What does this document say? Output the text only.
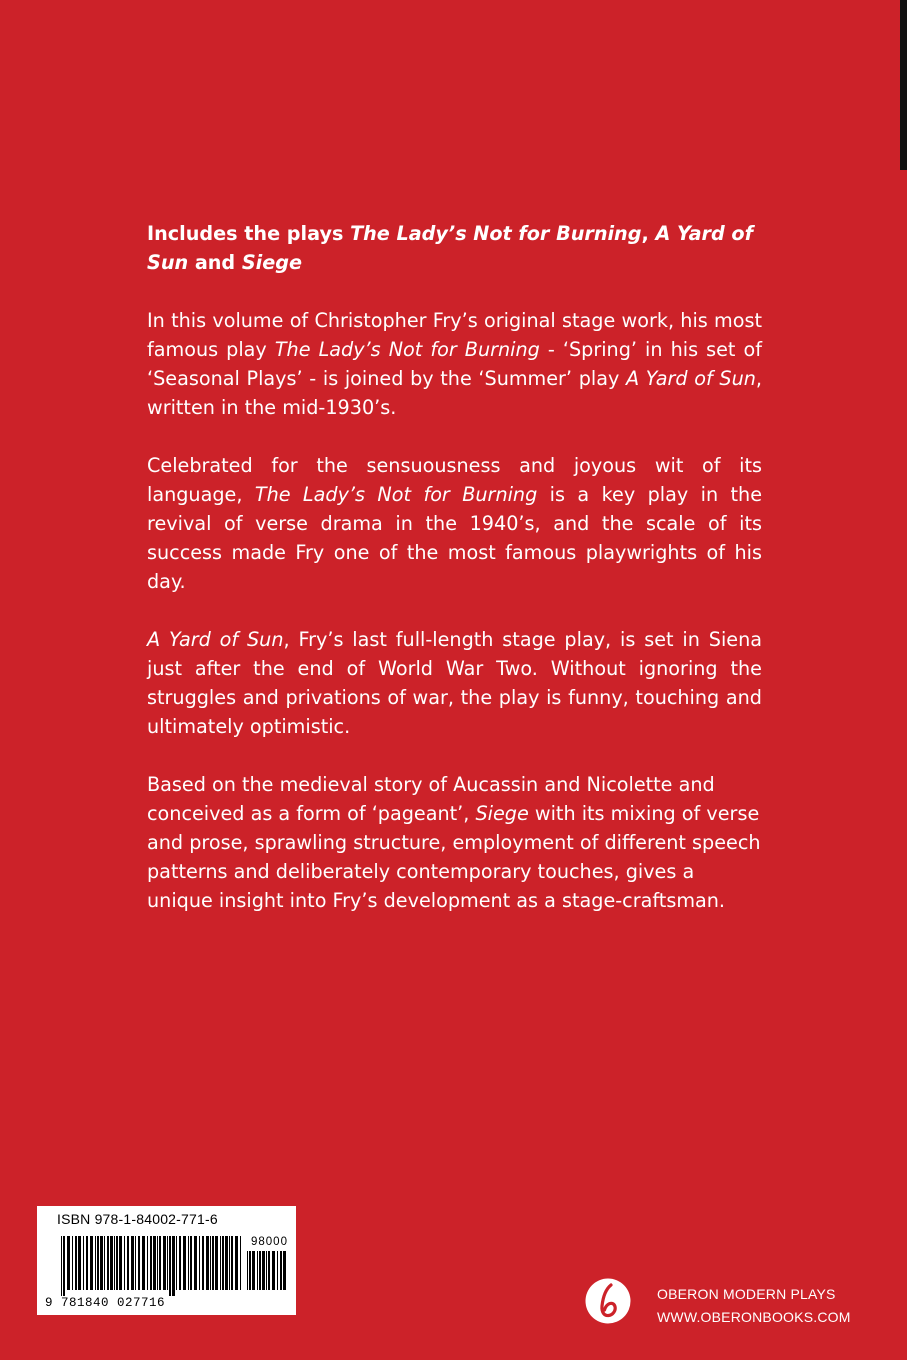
Includes the plays The Lady’s Not for Burning, A Yard of Sun and Siege

In this volume of Christopher Fry’s original stage work, his most famous play The Lady’s Not for Burning - ‘Spring’ in his set of ‘Seasonal Plays’ - is joined by the ‘Summer’ play A Yard of Sun, written in the mid-1930’s.

Celebrated for the sensuousness and joyous wit of its language, The Lady’s Not for Burning is a key play in the revival of verse drama in the 1940’s, and the scale of its success made Fry one of the most famous playwrights of his day.

A Yard of Sun, Fry’s last full-length stage play, is set in Siena just after the end of World War Two. Without ignoring the struggles and privations of war, the play is funny, touching and ultimately optimistic.

Based on the medieval story of Aucassin and Nicolette and conceived as a form of ‘pageant’, Siege with its mixing of verse and prose, sprawling structure, employment of different speech patterns and deliberately contemporary touches, gives a unique insight into Fry’s development as a stage-craftsman.

ISBN 978-1-84002-771-6
98000
9 781840 027716
OBERON MODERN PLAYS
WWW.OBERONBOOKS.COM
